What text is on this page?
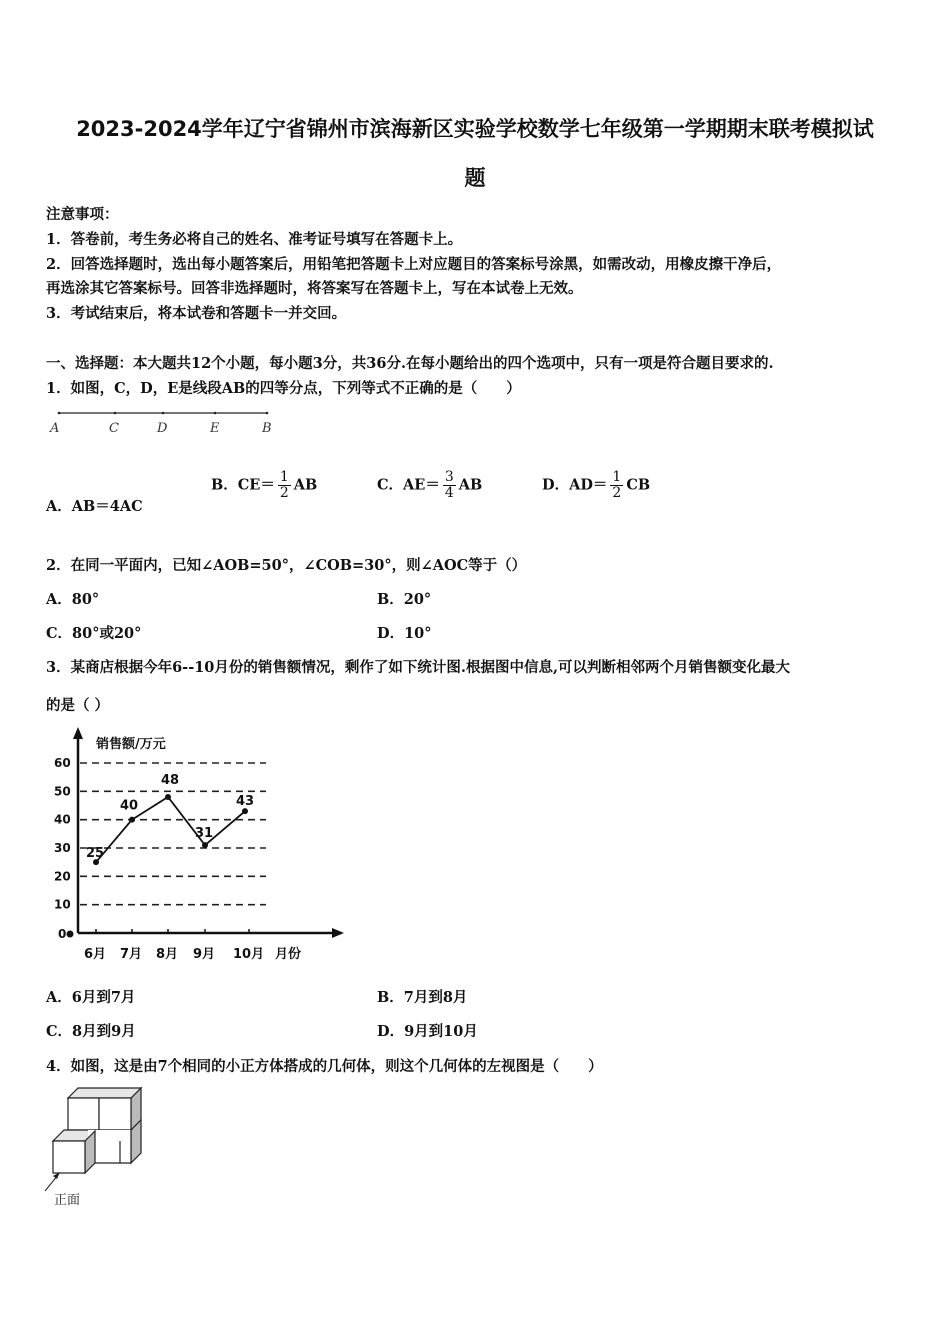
2023-2024学年辽宁省锦州市滨海新区实验学校数学七年级第一学期期末联考模拟试
题
注意事项：
1．答卷前，考生务必将自己的姓名、准考证号填写在答题卡上。
2．回答选择题时，选出每小题答案后，用铅笔把答题卡上对应题目的答案标号涂黑，如需改动，用橡皮擦干净后，
再选涂其它答案标号。回答非选择题时，将答案写在答题卡上，写在本试卷上无效。
3．考试结束后，将本试卷和答题卡一并交回。
一、选择题：本大题共12个小题，每小题3分，共36分.在每小题给出的四个选项中，只有一项是符合题目要求的.
1．如图，C，D，E是线段AB的四等分点，下列等式不正确的是（　　）
A	C	D	E	B
A．AB＝4AC
B．$CE= \frac{1}{2}$ AB	C．$AE= \frac{3}{4}$ AB	D．$AD= \frac{1}{2}$ CB
2．在同一平面内，已知∠AOB=50°，∠COB=30°，则∠AOC等于（）
A．80°	B．20°
C．80°或20°	D．10°
3．某商店根据今年6--10月份的销售额情况，剩作了如下统计图.根据图中信息,可以判断相邻两个月销售额变化最大
的是（ ）
销售额/万元
月份
60
50
40
30
20
10
0
6月 7月 8月 9月 10月
25
40
48
31
43
A．6月到7月	B．7月到8月
C．8月到9月	D．9月到10月
4．如图，这是由7个相同的小正方体搭成的几何体，则这个几何体的左视图是（　　）
正面
